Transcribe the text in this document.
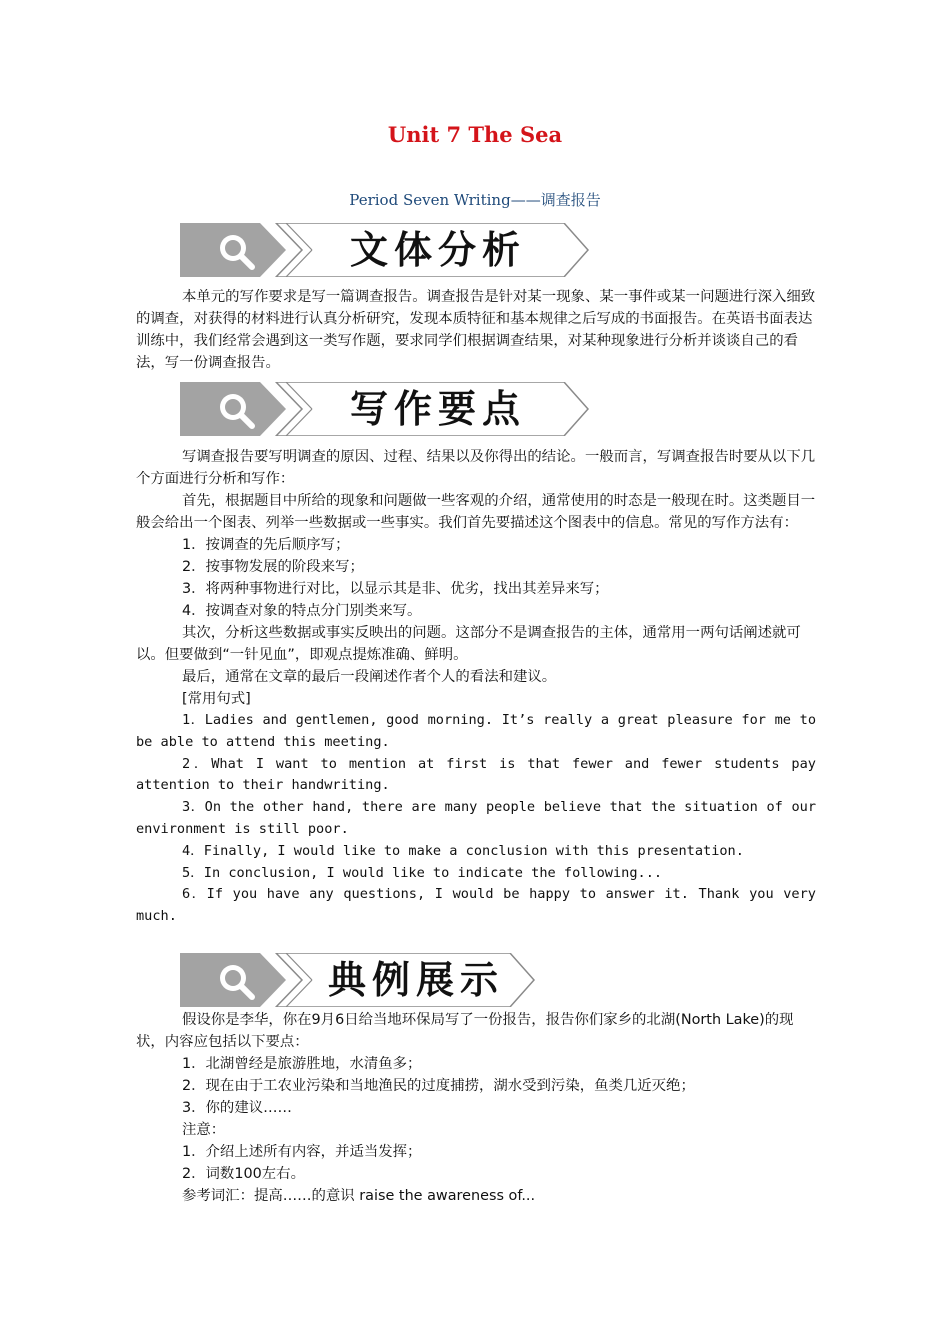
Unit 7 The Sea

Period Seven Writing——调查报告

文体分析

本单元的写作要求是写一篇调查报告。调查报告是针对某一现象、某一事件或某一问题进行深入细致的调查，对获得的材料进行认真分析研究，发现本质特征和基本规律之后写成的书面报告。在英语书面表达训练中，我们经常会遇到这一类写作题，要求同学们根据调查结果，对某种现象进行分析并谈谈自己的看法，写一份调查报告。

写作要点

写调查报告要写明调查的原因、过程、结果以及你得出的结论。一般而言，写调查报告时要从以下几个方面进行分析和写作：

首先，根据题目中所给的现象和问题做一些客观的介绍，通常使用的时态是一般现在时。这类题目一般会给出一个图表、列举一些数据或一些事实。我们首先要描述这个图表中的信息。常见的写作方法有：

1．按调查的先后顺序写；

2．按事物发展的阶段来写；

3．将两种事物进行对比，以显示其是非、优劣，找出其差异来写；

4．按调查对象的特点分门别类来写。

其次，分析这些数据或事实反映出的问题。这部分不是调查报告的主体，通常用一两句话阐述就可以。但要做到“一针见血”，即观点提炼准确、鲜明。

最后，通常在文章的最后一段阐述作者个人的看法和建议。

[常用句式]

1．Ladies and gentlemen, good morning. It’s really a great pleasure for me to be able to attend this meeting.

2．What I want to mention at first is that fewer and fewer students pay attention to their handwriting.

3．On the other hand, there are many people believe that the situation of our environment is still poor.

4．Finally, I would like to make a conclusion with this presentation.

5．In conclusion, I would like to indicate the following...

6．If you have any questions, I would be happy to answer it. Thank you very much.

典例展示

假设你是李华，你在9月6日给当地环保局写了一份报告，报告你们家乡的北湖(North Lake)的现状，内容应包括以下要点：

1．北湖曾经是旅游胜地，水清鱼多；

2．现在由于工农业污染和当地渔民的过度捕捞，湖水受到污染，鱼类几近灭绝；

3．你的建议……

注意：

1．介绍上述所有内容，并适当发挥；

2．词数100左右。

参考词汇：提高……的意识 raise the awareness of...
